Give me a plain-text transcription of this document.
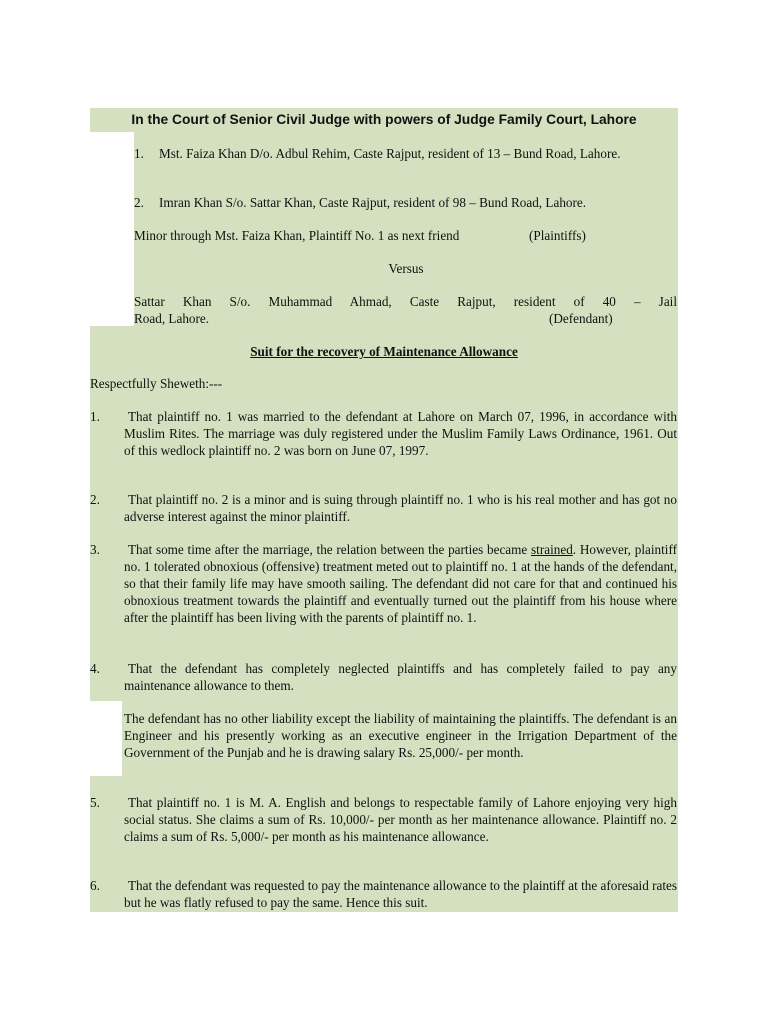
In the Court of Senior Civil Judge with powers of Judge Family Court, Lahore
1. Mst. Faiza Khan D/o. Adbul Rehim, Caste Rajput, resident of 13 – Bund Road, Lahore.

2. Imran Khan S/o. Sattar Khan, Caste Rajput, resident of 98 – Bund Road, Lahore.

Minor through Mst. Faiza Khan, Plaintiff No. 1 as next friend	(Plaintiffs)
Versus
Sattar Khan S/o. Muhammad Ahmad, Caste Rajput, resident of 40 – Jail
Road, Lahore.	(Defendant)
Suit for the recovery of Maintenance Allowance
Respectfully Sheweth:---
1.	That plaintiff no. 1 was married to the defendant at Lahore on March 07, 1996, in accordance with Muslim Rites. The marriage was duly registered under the Muslim Family Laws Ordinance, 1961. Out of this wedlock plaintiff no. 2 was born on June 07, 1997.

2.	That plaintiff no. 2 is a minor and is suing through plaintiff no. 1 who is his real mother and has got no adverse interest against the minor plaintiff.

3.	That some time after the marriage, the relation between the parties became strained. However, plaintiff no. 1 tolerated obnoxious (offensive) treatment meted out to plaintiff no. 1 at the hands of the defendant, so that their family life may have smooth sailing. The defendant did not care for that and continued his obnoxious treatment towards the plaintiff and eventually turned out the plaintiff from his house where after the plaintiff has been living with the parents of plaintiff no. 1.

4.	That the defendant has completely neglected plaintiffs and has completely failed to pay any maintenance allowance to them.

The defendant has no other liability except the liability of maintaining the plaintiffs. The defendant is an Engineer and his presently working as an executive engineer in the Irrigation Department of the Government of the Punjab and he is drawing salary Rs. 25,000/- per month.

5.	That plaintiff no. 1 is M. A. English and belongs to respectable family of Lahore enjoying very high social status. She claims a sum of Rs. 10,000/- per month as her maintenance allowance. Plaintiff no. 2 claims a sum of Rs. 5,000/- per month as his maintenance allowance.

6.	That the defendant was requested to pay the maintenance allowance to the plaintiff at the aforesaid rates but he was flatly refused to pay the same. Hence this suit.
